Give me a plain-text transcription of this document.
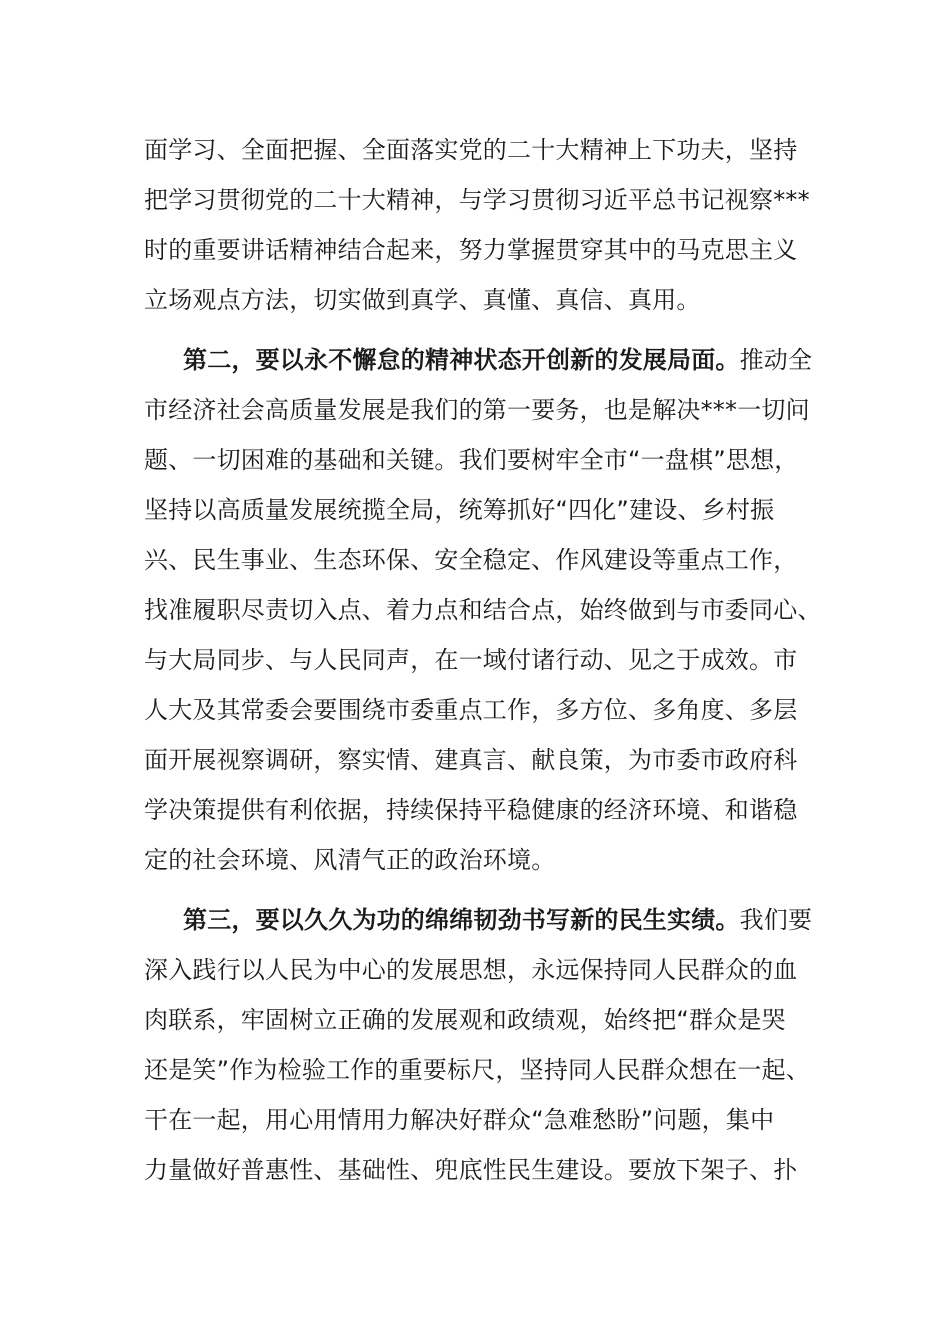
面学习、全面把握、全面落实党的二十大精神上下功夫，坚持
把学习贯彻党的二十大精神，与学习贯彻习近平总书记视察***
时的重要讲话精神结合起来，努力掌握贯穿其中的马克思主义
立场观点方法，切实做到真学、真懂、真信、真用。
第二，要以永不懈怠的精神状态开创新的发展局面。推动全
市经济社会高质量发展是我们的第一要务，也是解决***一切问
题、一切困难的基础和关键。我们要树牢全市“一盘棋”思想，
坚持以高质量发展统揽全局，统筹抓好“四化”建设、乡村振
兴、民生事业、生态环保、安全稳定、作风建设等重点工作，
找准履职尽责切入点、着力点和结合点，始终做到与市委同心、
与大局同步、与人民同声，在一域付诸行动、见之于成效。市
人大及其常委会要围绕市委重点工作，多方位、多角度、多层
面开展视察调研，察实情、建真言、献良策，为市委市政府科
学决策提供有利依据，持续保持平稳健康的经济环境、和谐稳
定的社会环境、风清气正的政治环境。
第三，要以久久为功的绵绵韧劲书写新的民生实绩。我们要
深入践行以人民为中心的发展思想，永远保持同人民群众的血
肉联系，牢固树立正确的发展观和政绩观，始终把“群众是哭
还是笑”作为检验工作的重要标尺，坚持同人民群众想在一起、
干在一起，用心用情用力解决好群众“急难愁盼”问题，集中
力量做好普惠性、基础性、兜底性民生建设。要放下架子、扑
